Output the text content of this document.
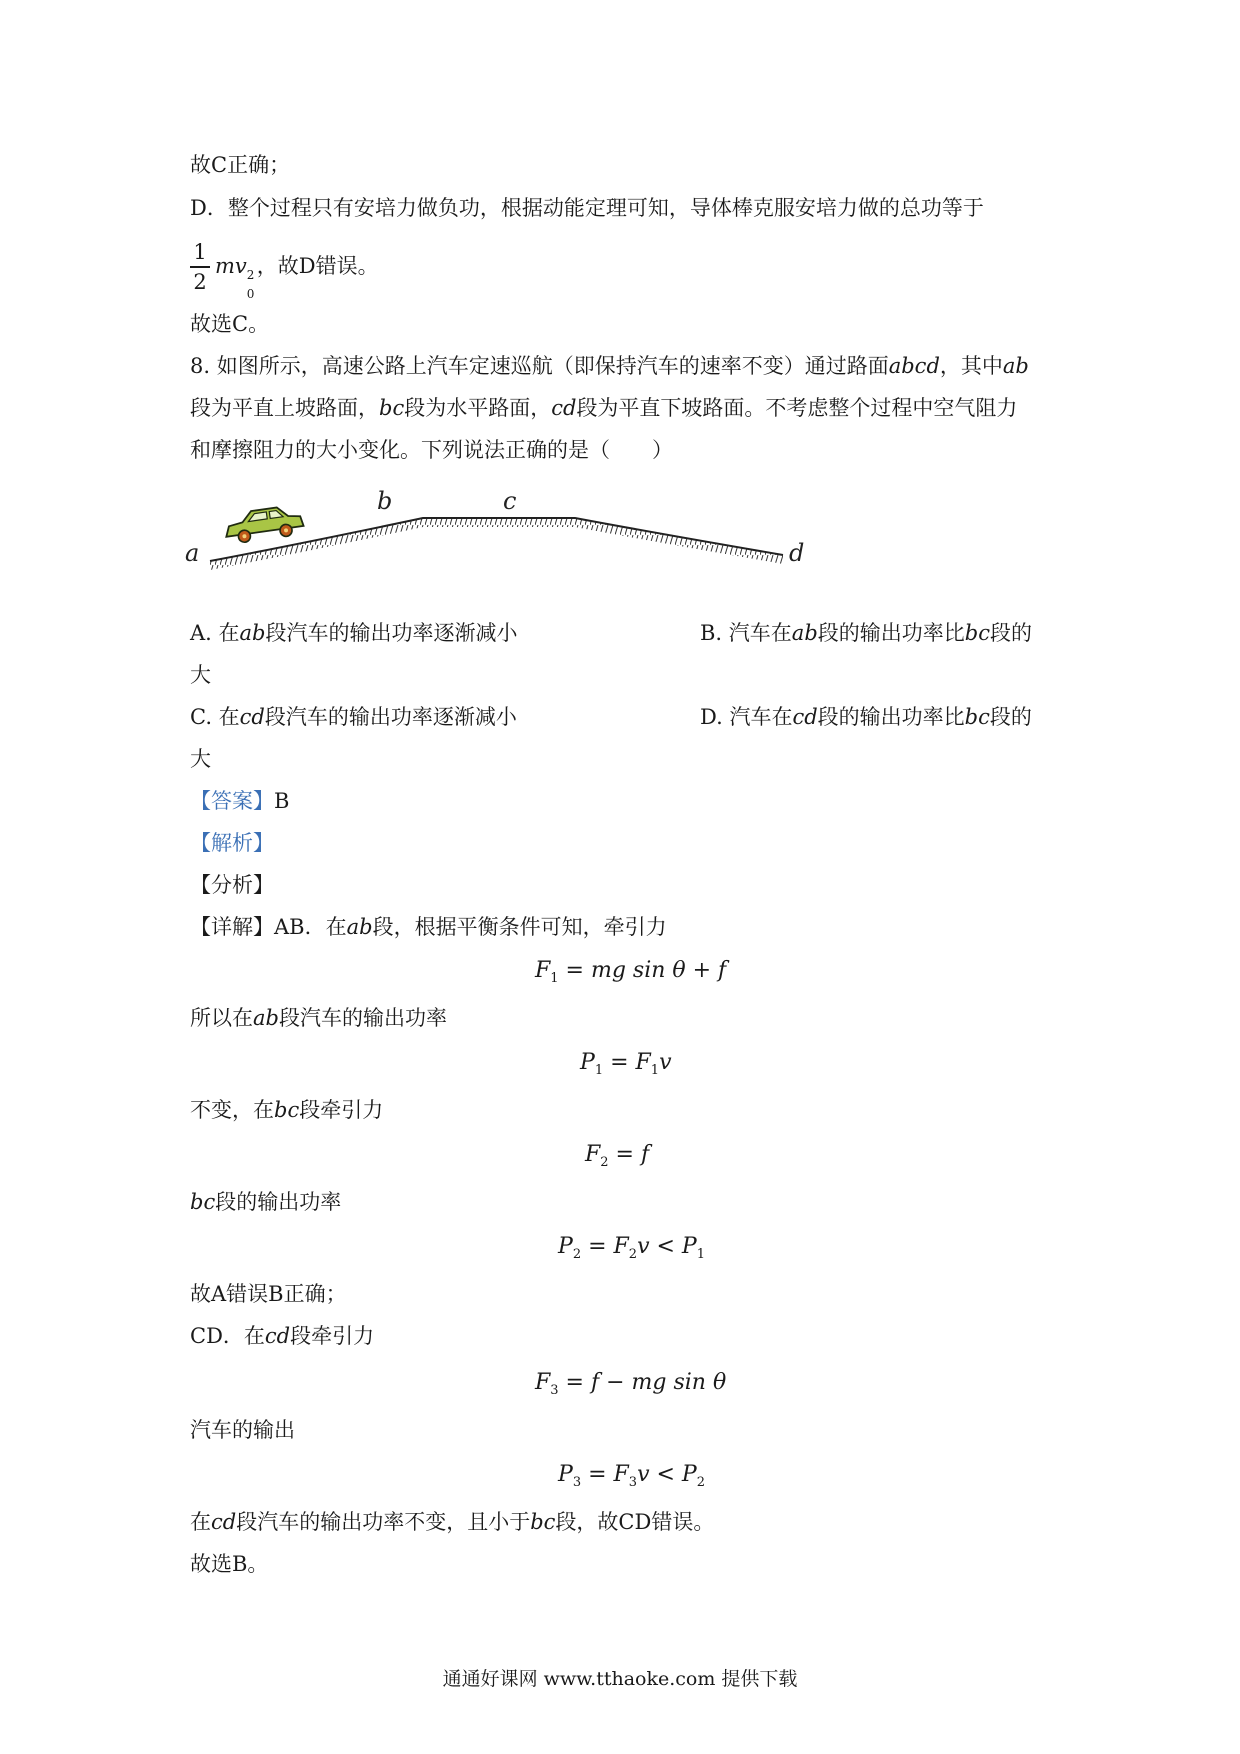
故C正确；
D．整个过程只有安培力做负功，根据动能定理可知，导体棒克服安培力做的总功等于
1
2
mv 2
0
，故D错误。
故选C。
8. 如图所示，高速公路上汽车定速巡航（即保持汽车的速率不变）通过路面abcd，其中ab
段为平直上坡路面，bc段为水平路面，cd段为平直下坡路面。不考虑整个过程中空气阻力
和摩擦阻力的大小变化。下列说法正确的是（　　）
a
b	c
d
A. 在ab段汽车的输出功率逐渐减小	B. 汽车在ab段的输出功率比bc段的
大
C. 在cd段汽车的输出功率逐渐减小	D. 汽车在cd段的输出功率比bc段的
大
【答案】B
【解析】
【分析】
【详解】AB．在ab段，根据平衡条件可知，牵引力
$F_1$ = mg sin θ + f
所以在ab段汽车的输出功率
$P_1 = F_1v$
不变，在bc段牵引力
$F_2 = f$
bc段的输出功率
$P_2 = F_2v < P_1$
故A错误B正确；
CD．在cd段牵引力
$F_3 = f$ − mg sin θ
汽车的输出
$P_3 = F_3v < P_2$
在cd段汽车的输出功率不变，且小于bc段，故CD错误。
故选B。
通通好课网 www.tthaoke.com 提供下载
